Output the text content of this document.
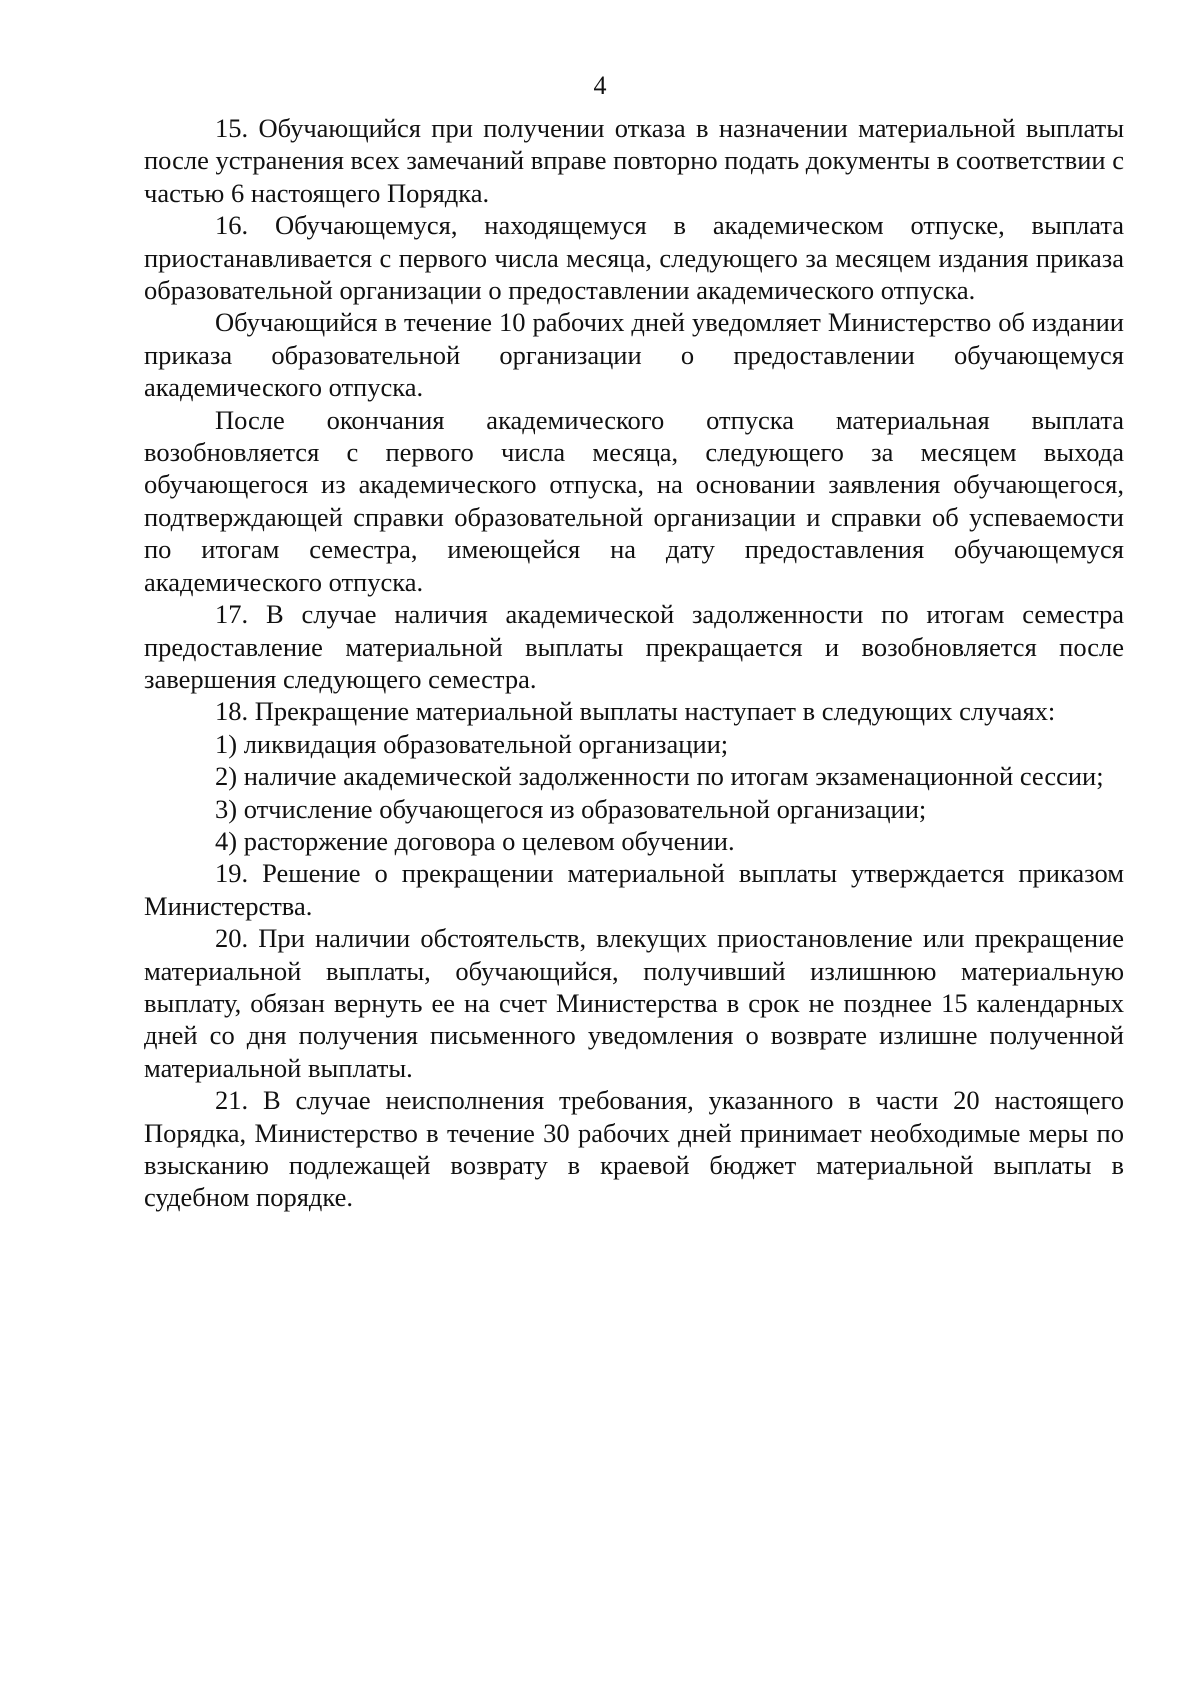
4

15. Обучающийся при получении отказа в назначении материальной выплаты после устранения всех замечаний вправе повторно подать документы в соответствии с частью 6 настоящего Порядка.

16. Обучающемуся, находящемуся в академическом отпуске, выплата приостанавливается с первого числа месяца, следующего за месяцем издания приказа образовательной организации о предоставлении академического отпуска.

Обучающийся в течение 10 рабочих дней уведомляет Министерство об издании приказа образовательной организации о предоставлении обучающемуся академического отпуска.

После окончания академического отпуска материальная выплата возобновляется с первого числа месяца, следующего за месяцем выхода обучающегося из академического отпуска, на основании заявления обучающегося, подтверждающей справки образовательной организации и справки об успеваемости по итогам семестра, имеющейся на дату предоставления обучающемуся академического отпуска.

17. В случае наличия академической задолженности по итогам семестра предоставление материальной выплаты прекращается и возобновляется после завершения следующего семестра.

18. Прекращение материальной выплаты наступает в следующих случаях:

1) ликвидация образовательной организации;

2) наличие академической задолженности по итогам экзаменационной сессии;

3) отчисление обучающегося из образовательной организации;

4) расторжение договора о целевом обучении.

19. Решение о прекращении материальной выплаты утверждается приказом Министерства.

20. При наличии обстоятельств, влекущих приостановление или прекращение материальной выплаты, обучающийся, получивший излишнюю материальную выплату, обязан вернуть ее на счет Министерства в срок не позднее 15 календарных дней со дня получения письменного уведомления о возврате излишне полученной материальной выплаты.

21. В случае неисполнения требования, указанного в части 20 настоящего Порядка, Министерство в течение 30 рабочих дней принимает необходимые меры по взысканию подлежащей возврату в краевой бюджет материальной выплаты в судебном порядке.
